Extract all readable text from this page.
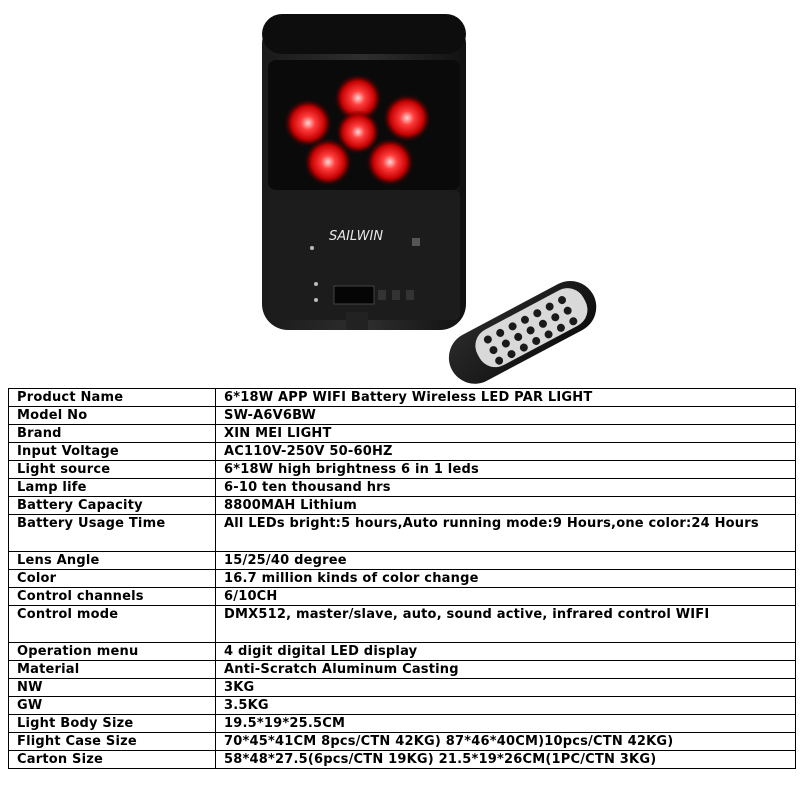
SAILWIN
Product Name	6*18W APP WIFI Battery Wireless LED PAR LIGHT
Model No	SW-A6V6BW
Brand	XIN MEI LIGHT
Input Voltage	AC110V-250V 50-60HZ
Light source	6*18W high brightness 6 in 1 leds
Lamp life	6-10 ten thousand hrs
Battery Capacity	8800MAH Lithium
Battery Usage Time	All LEDs bright:5 hours,Auto running mode:9 Hours,one color:24 Hours
Lens Angle	15/25/40 degree
Color	16.7 million kinds of color change
Control channels	6/10CH
Control mode	DMX512, master/slave, auto, sound active, infrared control WIFI
Operation menu	4 digit digital LED display
Material	Anti-Scratch Aluminum Casting
NW	3KG
GW	3.5KG
Light Body Size	19.5*19*25.5CM
Flight Case Size	70*45*41CM 8pcs/CTN 42KG) 87*46*40CM)10pcs/CTN 42KG)
Carton Size	58*48*27.5(6pcs/CTN 19KG) 21.5*19*26CM(1PC/CTN 3KG)
